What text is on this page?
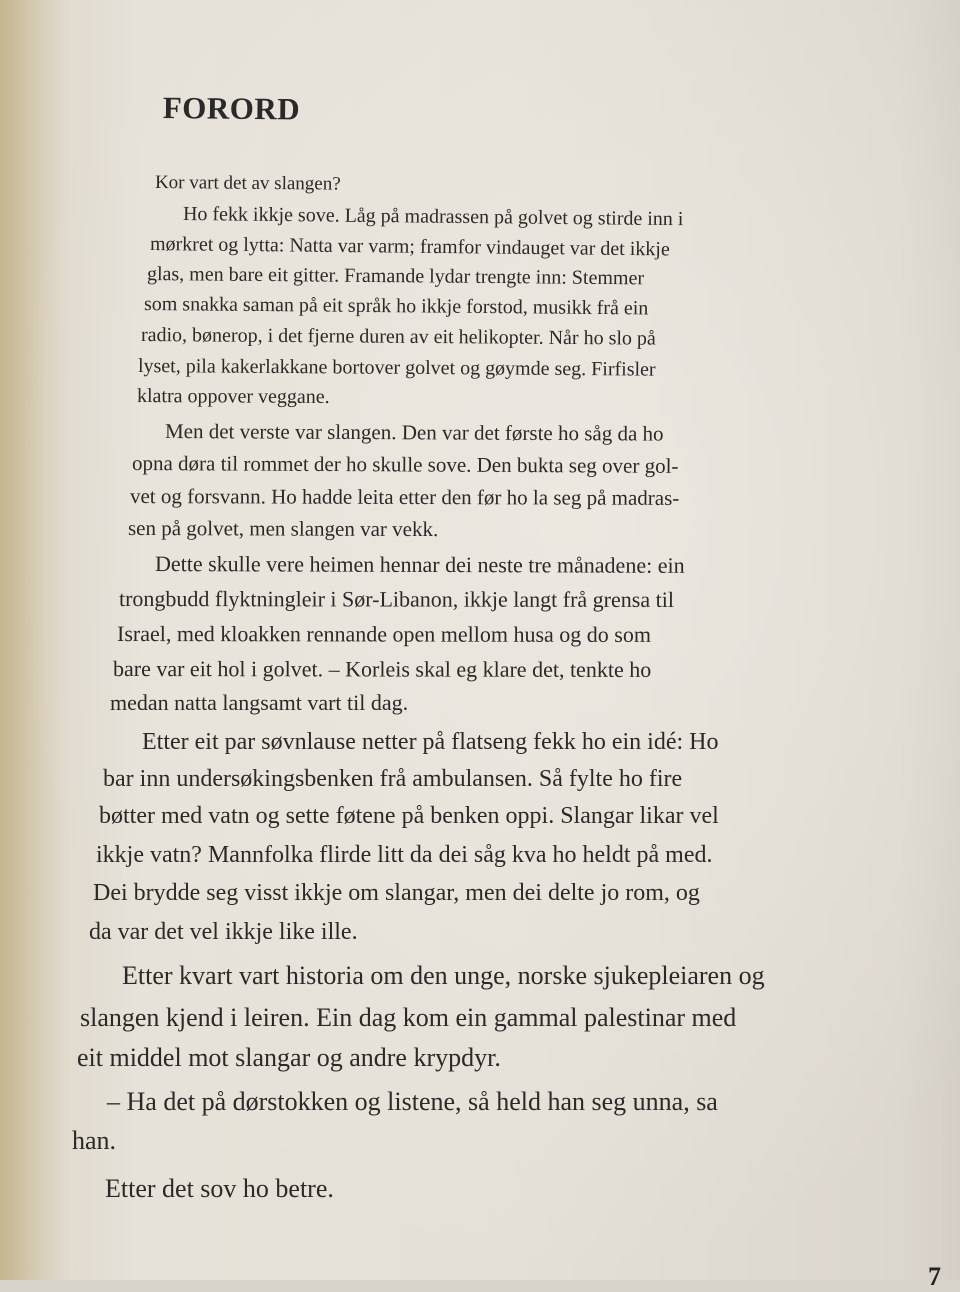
FORORD

Kor vart det av slangen?

Ho fekk ikkje sove. Låg på madrassen på golvet og stirde inn i

mørkret og lytta: Natta var varm; framfor vindauget var det ikkje

glas, men bare eit gitter. Framande lydar trengte inn: Stemmer

som snakka saman på eit språk ho ikkje forstod, musikk frå ein

radio, bønerop, i det fjerne duren av eit helikopter. Når ho slo på

lyset, pila kakerlakkane bortover golvet og gøymde seg. Firfisler

klatra oppover veggane.

Men det verste var slangen. Den var det første ho såg da ho

opna døra til rommet der ho skulle sove. Den bukta seg over gol-

vet og forsvann. Ho hadde leita etter den før ho la seg på madras-

sen på golvet, men slangen var vekk.

Dette skulle vere heimen hennar dei neste tre månadene: ein

trongbudd flyktningleir i Sør-Libanon, ikkje langt frå grensa til

Israel, med kloakken rennande open mellom husa og do som

bare var eit hol i golvet. – Korleis skal eg klare det, tenkte ho

medan natta langsamt vart til dag.

Etter eit par søvnlause netter på flatseng fekk ho ein idé: Ho

bar inn undersøkingsbenken frå ambulansen. Så fylte ho fire

bøtter med vatn og sette føtene på benken oppi. Slangar likar vel

ikkje vatn? Mannfolka flirde litt da dei såg kva ho heldt på med.

Dei brydde seg visst ikkje om slangar, men dei delte jo rom, og

da var det vel ikkje like ille.

Etter kvart vart historia om den unge, norske sjukepleiaren og

slangen kjend i leiren. Ein dag kom ein gammal palestinar med

eit middel mot slangar og andre krypdyr.

– Ha det på dørstokken og listene, så held han seg unna, sa

han.

Etter det sov ho betre.

7
